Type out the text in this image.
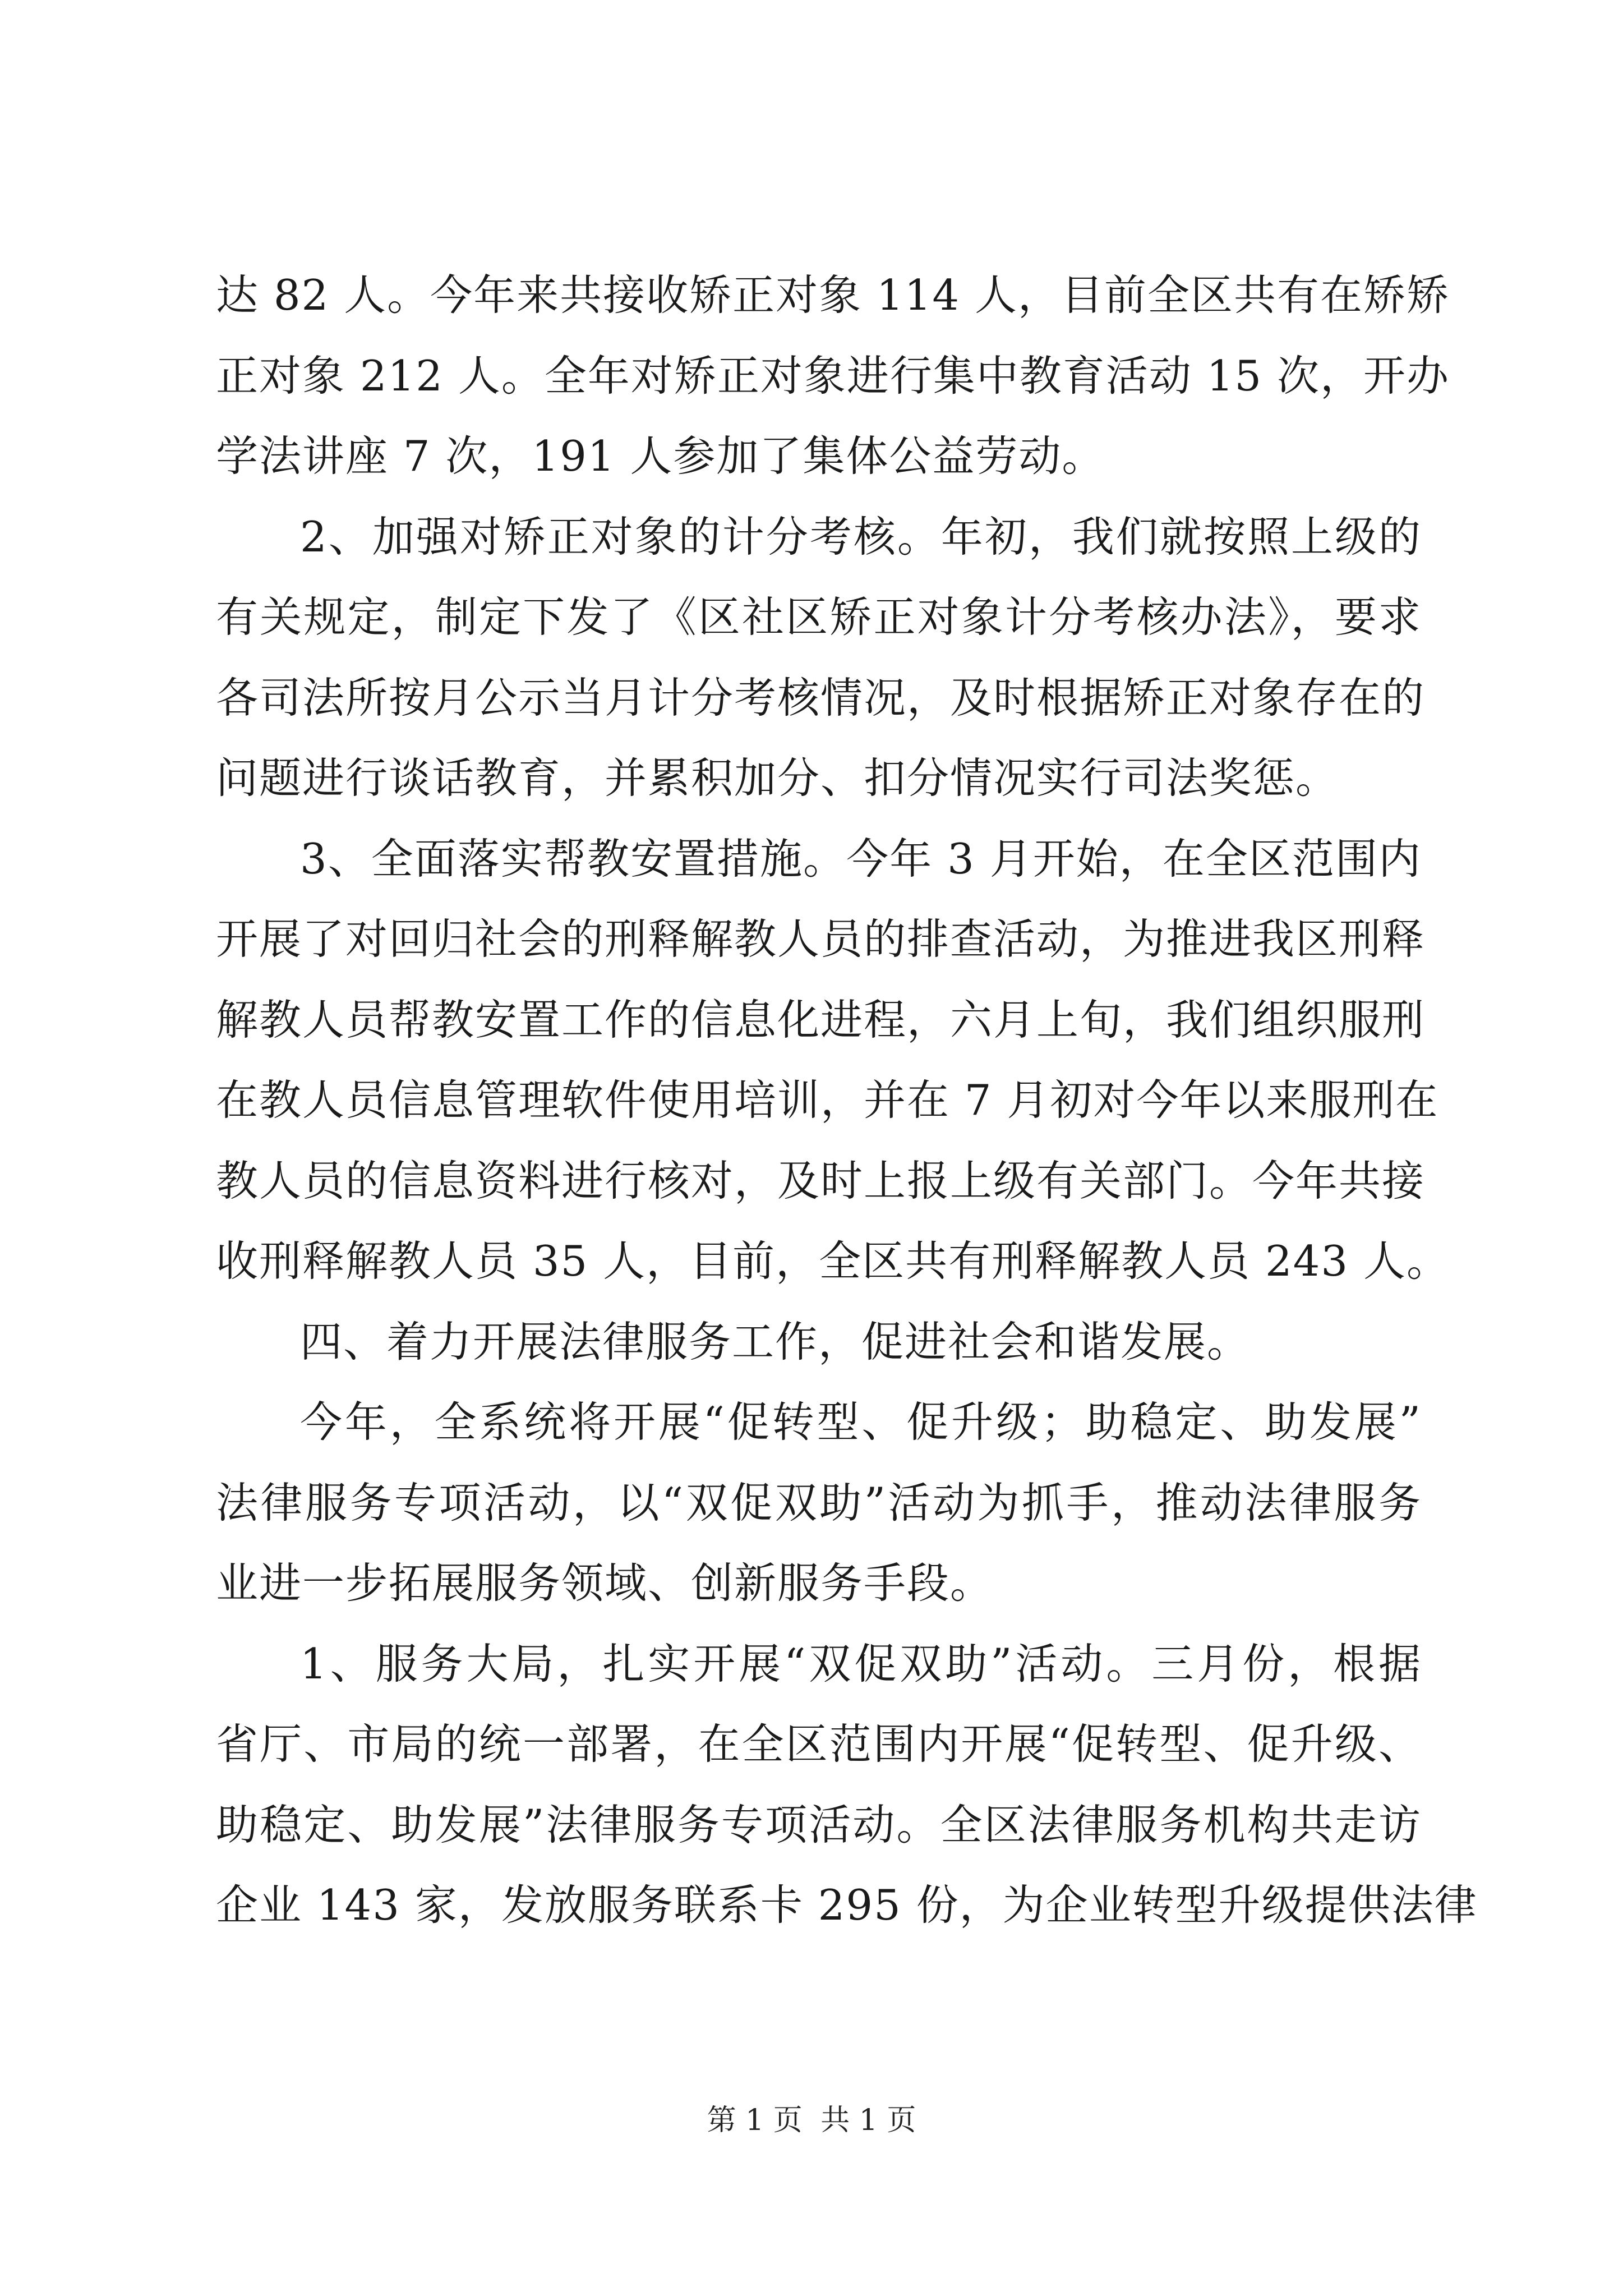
达 82 人。今年来共接收矫正对象 114 人，目前全区共有在矫矫
正对象 212 人。全年对矫正对象进行集中教育活动 15 次，开办
学法讲座 7 次，191 人参加了集体公益劳动。
2、加强对矫正对象的计分考核。年初，我们就按照上级的
有关规定，制定下发了《区社区矫正对象计分考核办法》，要求
各司法所按月公示当月计分考核情况，及时根据矫正对象存在的
问题进行谈话教育，并累积加分、扣分情况实行司法奖惩。
3、全面落实帮教安置措施。今年 3 月开始，在全区范围内
开展了对回归社会的刑释解教人员的排查活动，为推进我区刑释
解教人员帮教安置工作的信息化进程，六月上旬，我们组织服刑
在教人员信息管理软件使用培训，并在 7 月初对今年以来服刑在
教人员的信息资料进行核对，及时上报上级有关部门。今年共接
收刑释解教人员 35 人，目前，全区共有刑释解教人员 243 人。
四、着力开展法律服务工作，促进社会和谐发展。
今年，全系统将开展“促转型、促升级；助稳定、助发展”
法律服务专项活动，以“双促双助”活动为抓手，推动法律服务
业进一步拓展服务领域、创新服务手段。
1、服务大局，扎实开展“双促双助”活动。三月份，根据
省厅、市局的统一部署，在全区范围内开展“促转型、促升级、
助稳定、助发展”法律服务专项活动。全区法律服务机构共走访
企业 143 家，发放服务联系卡 295 份，为企业转型升级提供法律
第 1 页 共 1 页
